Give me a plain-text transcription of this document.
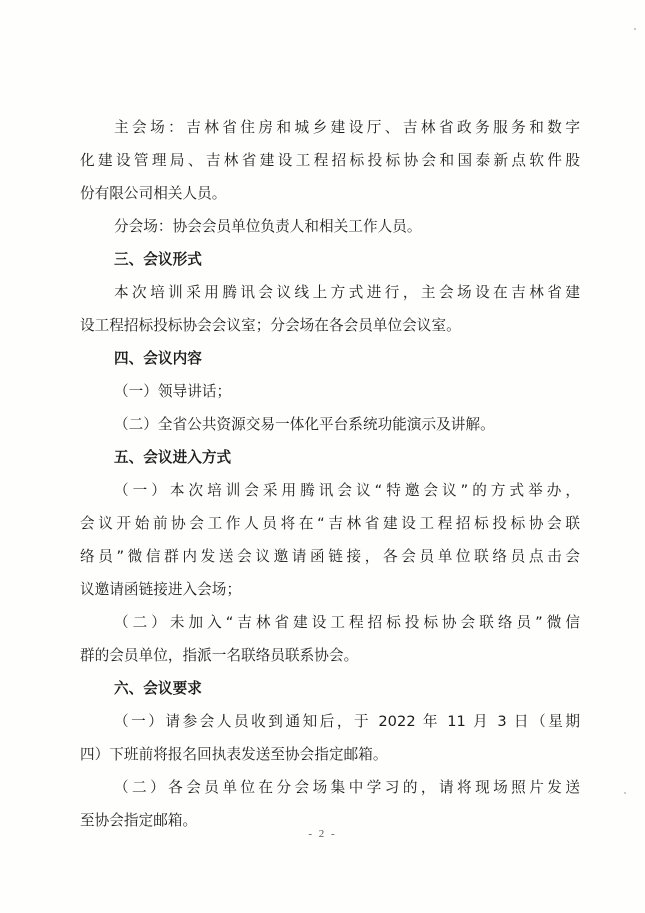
主会场：吉林省住房和城乡建设厅、吉林省政务服务和数字
化建设管理局、吉林省建设工程招标投标协会和国泰新点软件股
份有限公司相关人员。
分会场：协会会员单位负责人和相关工作人员。
三、会议形式
本次培训采用腾讯会议线上方式进行，主会场设在吉林省建
设工程招标投标协会会议室；分会场在各会员单位会议室。
四、会议内容
（一）领导讲话；
（二）全省公共资源交易一体化平台系统功能演示及讲解。
五、会议进入方式
（一）本次培训会采用腾讯会议“特邀会议”的方式举办，
会议开始前协会工作人员将在“吉林省建设工程招标投标协会联
络员”微信群内发送会议邀请函链接，各会员单位联络员点击会
议邀请函链接进入会场；
（二）未加入“吉林省建设工程招标投标协会联络员”微信
群的会员单位，指派一名联络员联系协会。
六、会议要求
（一）请参会人员收到通知后，于 2022 年 11 月 3 日（星期
四）下班前将报名回执表发送至协会指定邮箱。
（二）各会员单位在分会场集中学习的，请将现场照片发送
至协会指定邮箱。
- 2 -
